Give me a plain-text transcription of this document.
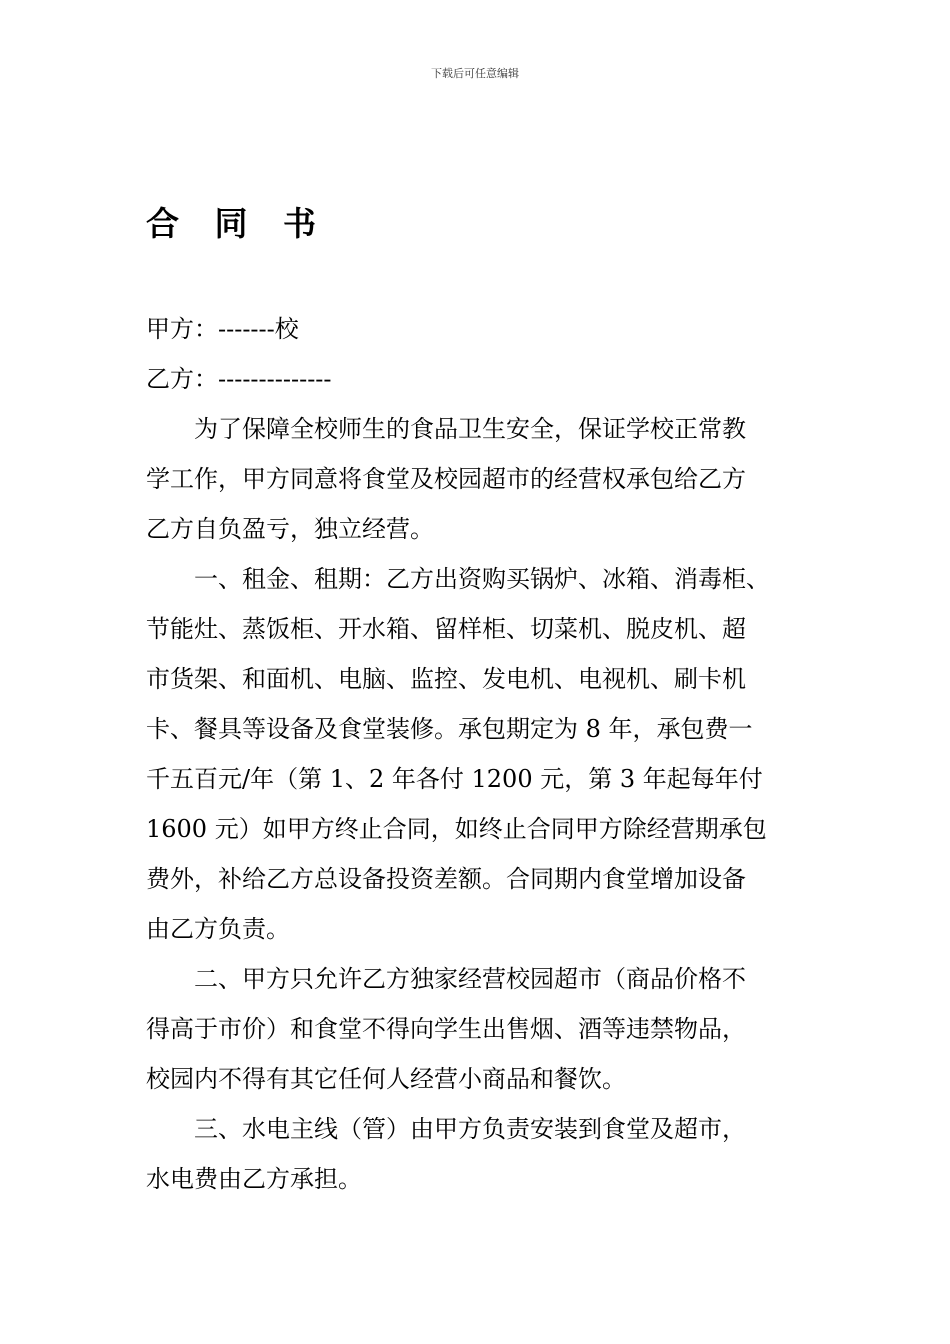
下载后可任意编辑
合 同 书
甲方：-------校
乙方：--------------
为了保障全校师生的食品卫生安全，保证学校正常教
学工作，甲方同意将食堂及校园超市的经营权承包给乙方
乙方自负盈亏，独立经营。
一、租金、租期：乙方出资购买锅炉、冰箱、消毒柜、
节能灶、蒸饭柜、开水箱、留样柜、切菜机、脱皮机、超
市货架、和面机、电脑、监控、发电机、电视机、刷卡机
卡、餐具等设备及食堂装修。承包期定为 8 年，承包费一
千五百元/年（第 1、2 年各付 1200 元，第 3 年起每年付
1600 元）如甲方终止合同，如终止合同甲方除经营期承包
费外，补给乙方总设备投资差额。合同期内食堂增加设备
由乙方负责。
二、甲方只允许乙方独家经营校园超市（商品价格不
得高于市价）和食堂不得向学生出售烟、酒等违禁物品，
校园内不得有其它任何人经营小商品和餐饮。
三、水电主线（管）由甲方负责安装到食堂及超市，
水电费由乙方承担。
